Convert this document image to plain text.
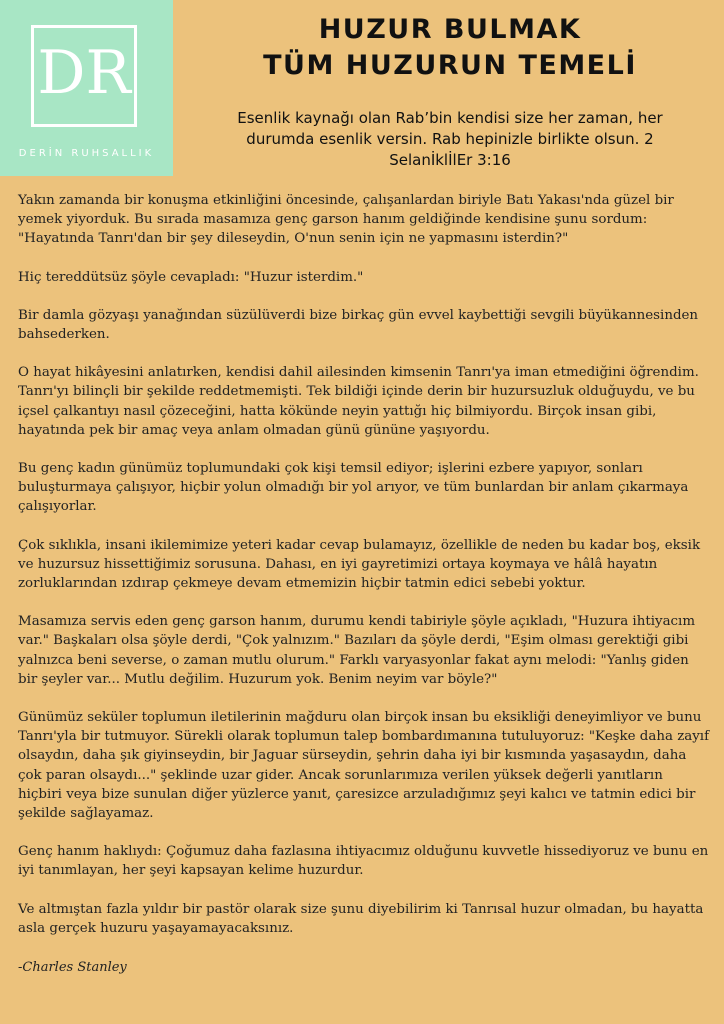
DR
DERİN RUHSALLIK
HUZUR BULMAK
TÜM HUZURUN TEMELİ
Esenlik kaynağı olan Rab’bin kendisi size her zaman, her durumda esenlik versin. Rab hepinizle birlikte olsun. 2 SelanİklİlEr 3:16

Yakın zamanda bir konuşma etkinliğini öncesinde, çalışanlardan biriyle Batı Yakası'nda güzel bir yemek yiyorduk. Bu sırada masamıza genç garson hanım geldiğinde kendisine şunu sordum: "Hayatında Tanrı'dan bir şey dileseydin, O'nun senin için ne yapmasını isterdin?"

Hiç tereddütsüz şöyle cevapladı: "Huzur isterdim."

Bir damla gözyaşı yanağından süzülüverdi bize birkaç gün evvel kaybettiği sevgili büyükannesinden bahsederken.

O hayat hikâyesini anlatırken, kendisi dahil ailesinden kimsenin Tanrı'ya iman etmediğini öğrendim. Tanrı'yı bilinçli bir şekilde reddetmemişti. Tek bildiği içinde derin bir huzursuzluk olduğuydu, ve bu içsel çalkantıyı nasıl çözeceğini, hatta kökünde neyin yattığı hiç bilmiyordu. Birçok insan gibi, hayatında pek bir amaç veya anlam olmadan günü gününe yaşıyordu.

Bu genç kadın günümüz toplumundaki çok kişi temsil ediyor; işlerini ezbere yapıyor, sonları buluşturmaya çalışıyor, hiçbir yolun olmadığı bir yol arıyor, ve tüm bunlardan bir anlam çıkarmaya çalışıyorlar.

Çok sıklıkla, insani ikilemimize yeteri kadar cevap bulamayız, özellikle de neden bu kadar boş, eksik ve huzursuz hissettiğimiz sorusuna. Dahası, en iyi gayretimizi ortaya koymaya ve hâlâ hayatın zorluklarından ızdırap çekmeye devam etmemizin hiçbir tatmin edici sebebi yoktur.

Masamıza servis eden genç garson hanım, durumu kendi tabiriyle şöyle açıkladı, "Huzura ihtiyacım var." Başkaları olsa şöyle derdi, "Çok yalnızım." Bazıları da şöyle derdi, "Eşim olması gerektiği gibi yalnızca beni severse, o zaman mutlu olurum." Farklı varyasyonlar fakat aynı melodi: "Yanlış giden bir şeyler var... Mutlu değilim. Huzurum yok. Benim neyim var böyle?"

Günümüz seküler toplumun iletilerinin mağduru olan birçok insan bu eksikliği deneyimliyor ve bunu Tanrı'yla bir tutmuyor. Sürekli olarak toplumun talep bombardımanına tutuluyoruz: "Keşke daha zayıf olsaydın, daha şık giyinseydin, bir Jaguar sürseydin, şehrin daha iyi bir kısmında yaşasaydın, daha çok paran olsaydı..." şeklinde uzar gider. Ancak sorunlarımıza verilen yüksek değerli yanıtların hiçbiri veya bize sunulan diğer yüzlerce yanıt, çaresizce arzuladığımız şeyi kalıcı ve tatmin edici bir şekilde sağlayamaz.

Genç hanım haklıydı: Çoğumuz daha fazlasına ihtiyacımız olduğunu kuvvetle hissediyoruz ve bunu en iyi tanımlayan, her şeyi kapsayan kelime huzurdur.

Ve altmıştan fazla yıldır bir pastör olarak size şunu diyebilirim ki Tanrısal huzur olmadan, bu hayatta asla gerçek huzuru yaşayamayacaksınız.

-Charles Stanley
